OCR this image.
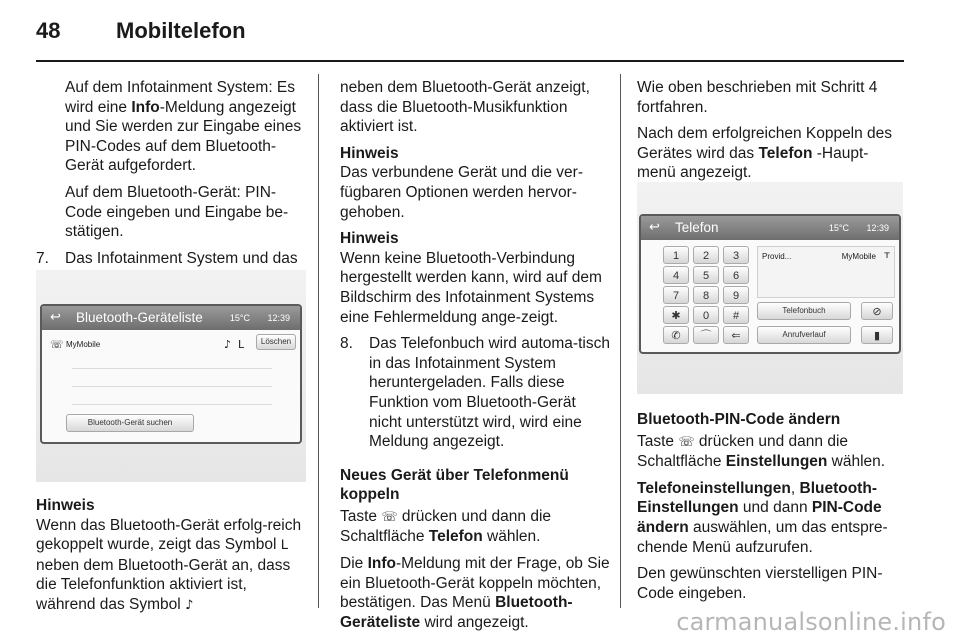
48	Mobiltelefon

Auf dem Infotainment System: Es wird eine Info-Meldung angezeigt und Sie werden zur Eingabe eines PIN-Codes auf dem Bluetooth-Gerät aufgefordert.

Auf dem Bluetooth-Gerät: PIN-Code eingeben und Eingabe be-stätigen.

7.	Das Infotainment System und das
↩ Bluetooth-Geräteliste	15°C 12:39
☏ MyMobile	♪ ᒪ	Löschen
Bluetooth-Gerät suchen

Hinweis
Wenn das Bluetooth-Gerät erfolg-reich gekoppelt wurde, zeigt das Symbol ᒪ neben dem Bluetooth-Gerät an, dass die Telefonfunktion aktiviert ist, während das Symbol ♪

neben dem Bluetooth-Gerät anzeigt, dass die Bluetooth-Musikfunktion aktiviert ist.

Hinweis
Das verbundene Gerät und die ver-fügbaren Optionen werden hervor-gehoben.

Hinweis
Wenn keine Bluetooth-Verbindung hergestellt werden kann, wird auf dem Bildschirm des Infotainment Systems eine Fehlermeldung ange-zeigt.

8.	Das Telefonbuch wird automa-tisch in das Infotainment System heruntergeladen. Falls diese Funktion vom Bluetooth-Gerät nicht unterstützt wird, wird eine Meldung angezeigt.

Neues Gerät über Telefonmenü koppeln

Taste ☏ drücken und dann die Schaltfläche Telefon wählen.

Die Info-Meldung mit der Frage, ob Sie ein Bluetooth-Gerät koppeln möchten, bestätigen. Das Menü Bluetooth-Geräteliste wird angezeigt.

Wie oben beschrieben mit Schritt 4 fortfahren.

Nach dem erfolgreichen Koppeln des Gerätes wird das Telefon -Haupt-menü angezeigt.

↩ Telefon	15°C 12:39
1	2	3
4	5	6
7	8	9
✱	0	#
✆	⌒	⇐
Provid...	MyMobile ᴛ
Telefonbuch
Anrufverlauf
⊘
▮

Bluetooth-PIN-Code ändern

Taste ☏ drücken und dann die Schaltfläche Einstellungen wählen.

Telefoneinstellungen, Bluetooth-Einstellungen und dann PIN-Code ändern auswählen, um das entspre-chende Menü aufzurufen.

Den gewünschten vierstelligen PIN-Code eingeben.

carmanualsonline.info
